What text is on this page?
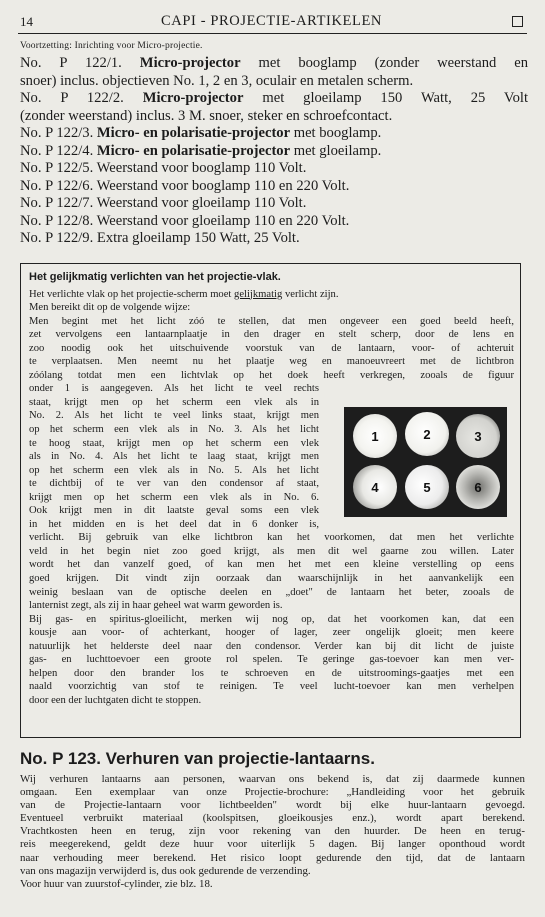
14	CAPI - PROJECTIE-ARTIKELEN
Voortzetting: Inrichting voor Micro-projectie.
No. P 122/1. Micro-projector met booglamp (zonder weerstand en
snoer) inclus. objectieven No. 1, 2 en 3, oculair en metalen scherm.
No. P 122/2. Micro-projector met gloeilamp 150 Watt, 25 Volt
(zonder weerstand) inclus. 3 M. snoer, steker en schroefcontact.
No. P 122/3. Micro- en polarisatie-projector met booglamp.
No. P 122/4. Micro- en polarisatie-projector met gloeilamp.
No. P 122/5. Weerstand voor booglamp 110 Volt.
No. P 122/6. Weerstand voor booglamp 110 en 220 Volt.
No. P 122/7. Weerstand voor gloeilamp 110 Volt.
No. P 122/8. Weerstand voor gloeilamp 110 en 220 Volt.
No. P 122/9. Extra gloeilamp 150 Watt, 25 Volt.
Het gelijkmatig verlichten van het projectie-vlak.

Het verlichte vlak op het projectie-scherm moet gelijkmatig verlicht zijn.

Men bereikt dit op de volgende wijze:
Men begint met het licht zóó te stellen, dat men ongeveer een goed beeld heeft,
zet vervolgens een lantaarnplaatje in den drager en stelt scherp, door de lens en
zoo noodig ook het uitschuivende voorstuk van de lantaarn, voor- of achteruit
te verplaatsen. Men neemt nu het plaatje weg en manoeuvreert met de lichtbron
zóólang totdat men een lichtvlak op het doek heeft verkregen, zooals de figuur
onder 1 is aangegeven. Als het licht te veel rechts
staat, krijgt men op het scherm een vlek als in
No. 2. Als het licht te veel links staat, krijgt men
op het scherm een vlek als in No. 3. Als het licht
te hoog staat, krijgt men op het scherm een vlek
als in No. 4. Als het licht te laag staat, krijgt men
op het scherm een vlek als in No. 5. Als het licht
te dichtbij of te ver van den condensor af staat,
krijgt men op het scherm een vlek als in No. 6.
Ook krijgt men in dit laatste geval soms een vlek
in het midden en is het deel dat in 6 donker is,
verlicht. Bij gebruik van elke lichtbron kan het voorkomen, dat men het verlichte
veld in het begin niet zoo goed krijgt, als men dit wel gaarne zou willen. Later
wordt het dan vanzelf goed, of kan men het met een kleine verstelling op eens
goed krijgen. Dit vindt zijn oorzaak dan waarschijnlijk in het aanvankelijk een
weinig beslaan van de optische deelen en „doet" de lantaarn het beter, zooals de
lanternist zegt, als zij in haar geheel wat warm geworden is.
Bij gas- en spiritus-gloeilicht, merken wij nog op, dat het voorkomen kan, dat een
kousje aan voor- of achterkant, hooger of lager, zeer ongelijk gloeit; men keere
natuurlijk het helderste deel naar den condensor. Verder kan bij dit licht de juiste
gas- en luchttoevoer een groote rol spelen. Te geringe gas-toevoer kan men ver-
helpen door den brander los te schroeven en de uitstroomings-gaatjes met een
naald voorzichtig van stof te reinigen. Te veel lucht-toevoer kan men verhelpen
door een der luchtgaten dicht te stoppen.
1	2	3
4	5	6
No. P 123. Verhuren van projectie-lantaarns.
Wij verhuren lantaarns aan personen, waarvan ons bekend is, dat zij daarmede kunnen
omgaan. Een exemplaar van onze Projectie-brochure: „Handleiding voor het gebruik
van de Projectie-lantaarn voor lichtbeelden" wordt bij elke huur-lantaarn gevoegd.
Eventueel verbruikt materiaal (koolspitsen, gloeikousjes enz.), wordt apart berekend.
Vrachtkosten heen en terug, zijn voor rekening van den huurder. De heen en terug-
reis meegerekend, geldt deze huur voor uiterlijk 5 dagen. Bij langer oponthoud wordt
naar verhouding meer berekend. Het risico loopt gedurende den tijd, dat de lantaarn
van ons magazijn verwijderd is, dus ook gedurende de verzending.
Voor huur van zuurstof-cylinder, zie blz. 18.
